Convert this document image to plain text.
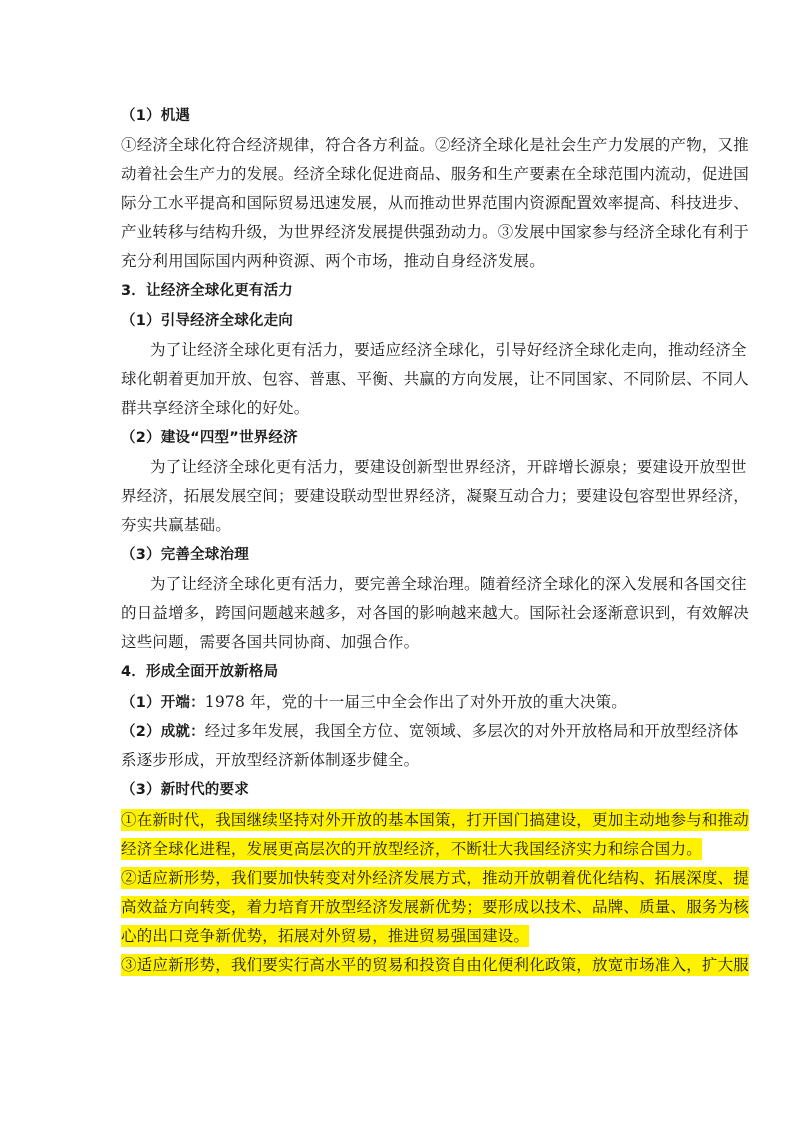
（1）机遇
①经济全球化符合经济规律，符合各方利益。②经济全球化是社会生产力发展的产物，又推
动着社会生产力的发展。经济全球化促进商品、服务和生产要素在全球范围内流动，促进国
际分工水平提高和国际贸易迅速发展，从而推动世界范围内资源配置效率提高、科技进步、
产业转移与结构升级，为世界经济发展提供强劲动力。③发展中国家参与经济全球化有利于
充分利用国际国内两种资源、两个市场，推动自身经济发展。
3．让经济全球化更有活力
（1）引导经济全球化走向
为了让经济全球化更有活力，要适应经济全球化，引导好经济全球化走向，推动经济全
球化朝着更加开放、包容、普惠、平衡、共赢的方向发展，让不同国家、不同阶层、不同人
群共享经济全球化的好处。
（2）建设“四型”世界经济
为了让经济全球化更有活力，要建设创新型世界经济，开辟增长源泉；要建设开放型世
界经济，拓展发展空间；要建设联动型世界经济，凝聚互动合力；要建设包容型世界经济，
夯实共赢基础。
（3）完善全球治理
为了让经济全球化更有活力，要完善全球治理。随着经济全球化的深入发展和各国交往
的日益增多，跨国问题越来越多，对各国的影响越来越大。国际社会逐渐意识到，有效解决
这些问题，需要各国共同协商、加强合作。
4．形成全面开放新格局
（1）开端：1978 年，党的十一届三中全会作出了对外开放的重大决策。
（2）成就：经过多年发展，我国全方位、宽领域、多层次的对外开放格局和开放型经济体
系逐步形成，开放型经济新体制逐步健全。
（3）新时代的要求
①在新时代，我国继续坚持对外开放的基本国策，打开国门搞建设，更加主动地参与和推动
经济全球化进程，发展更高层次的开放型经济，不断壮大我国经济实力和综合国力。
②适应新形势，我们要加快转变对外经济发展方式，推动开放朝着优化结构、拓展深度、提
高效益方向转变，着力培育开放型经济发展新优势；要形成以技术、品牌、质量、服务为核
心的出口竞争新优势，拓展对外贸易，推进贸易强国建设。
③适应新形势，我们要实行高水平的贸易和投资自由化便利化政策，放宽市场准入，扩大服
